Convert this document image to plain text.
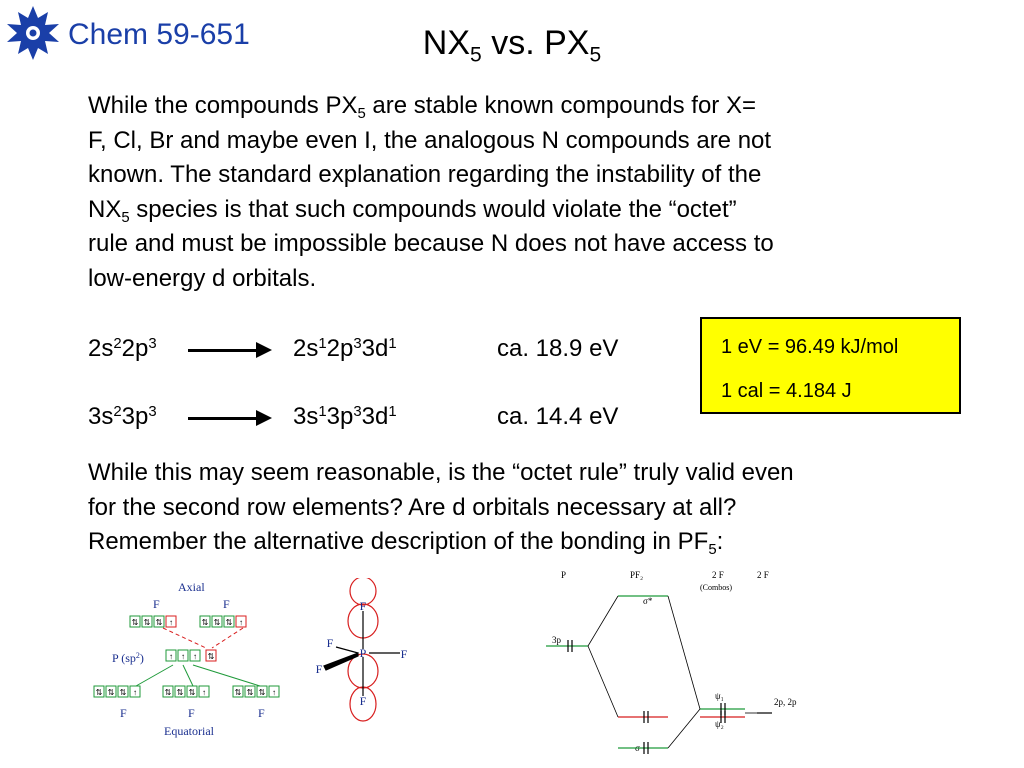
Chem 59-651	$NX_5$ vs. $PX_5$
While the compounds $PX_5$ are stable known compounds for X=
F, Cl, Br and maybe even I, the analogous N compounds are not
known. The standard explanation regarding the instability of the
$NX_5$ species is that such compounds would violate the “octet”
rule and must be impossible because N does not have access to
low-energy d orbitals.
$2s^22p^3$	$2s^12p^33d^1$	ca. 18.9 eV
$3s^23p^3$	$3s^13p^33d^1$	ca. 14.4 eV
1 eV = 96.49 kJ/mol
1 cal = 4.184 J
While this may seem reasonable, is the “octet rule” truly valid even
for the second row elements? Are d orbitals necessary at all?
Remember the alternative description of the bonding in $PF_5$:
Axial
F	F
P $(sp^2)$
F	F	F
Equatorial
⇅ ⇅ ⇅ ↑	⇅ ⇅ ⇅ ↑
↑ ↑ ↑ ⇅
⇅ ⇅ ⇅ ↑	⇅ ⇅ ⇅ ↑	⇅ ⇅ ⇅ ↑
F
F
P	F
F
F
P	PF₂	2 F
(Combos)
2 F
σ*
3p
ψ₁
2p, 2p
ψ₂
σ
